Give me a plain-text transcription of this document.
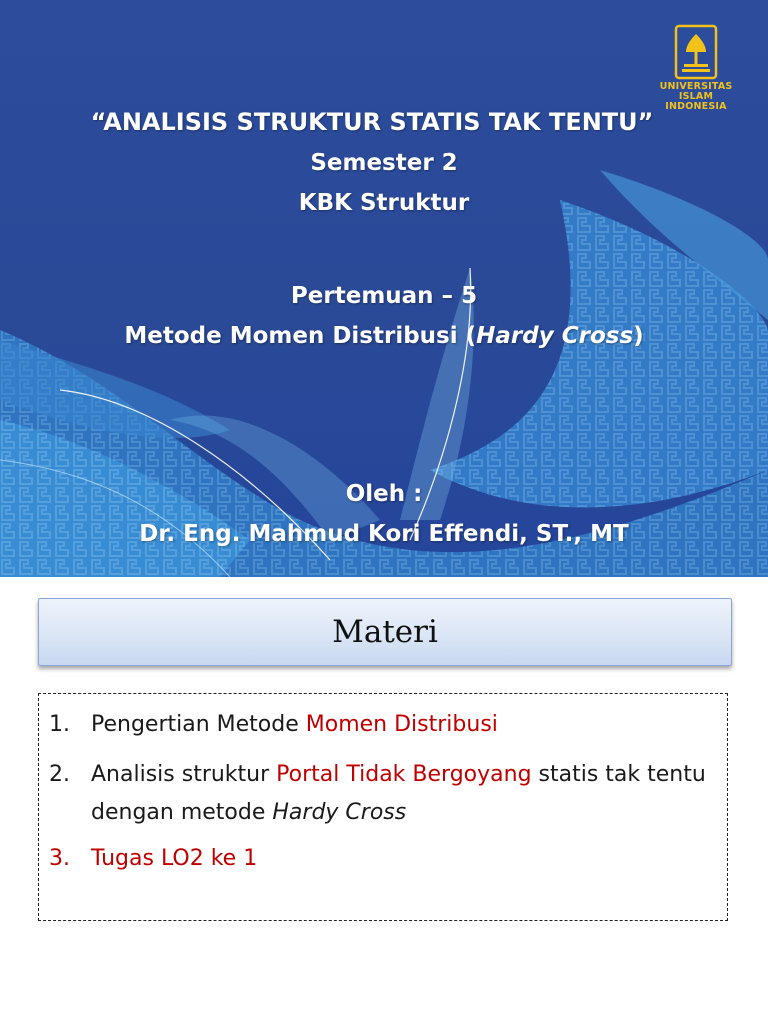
UNIVERSITAS
ISLAM
INDONESIA
“ANALISIS STRUKTUR STATIS TAK TENTU”
Semester 2
KBK Struktur
Pertemuan – 5
Metode Momen Distribusi (Hardy Cross)
Oleh :
Dr. Eng. Mahmud Kori Effendi, ST., MT
Materi
1. Pengertian Metode Momen Distribusi
2. Analisis struktur Portal Tidak Bergoyang statis tak tentu dengan metode Hardy Cross
3. Tugas LO2 ke 1
